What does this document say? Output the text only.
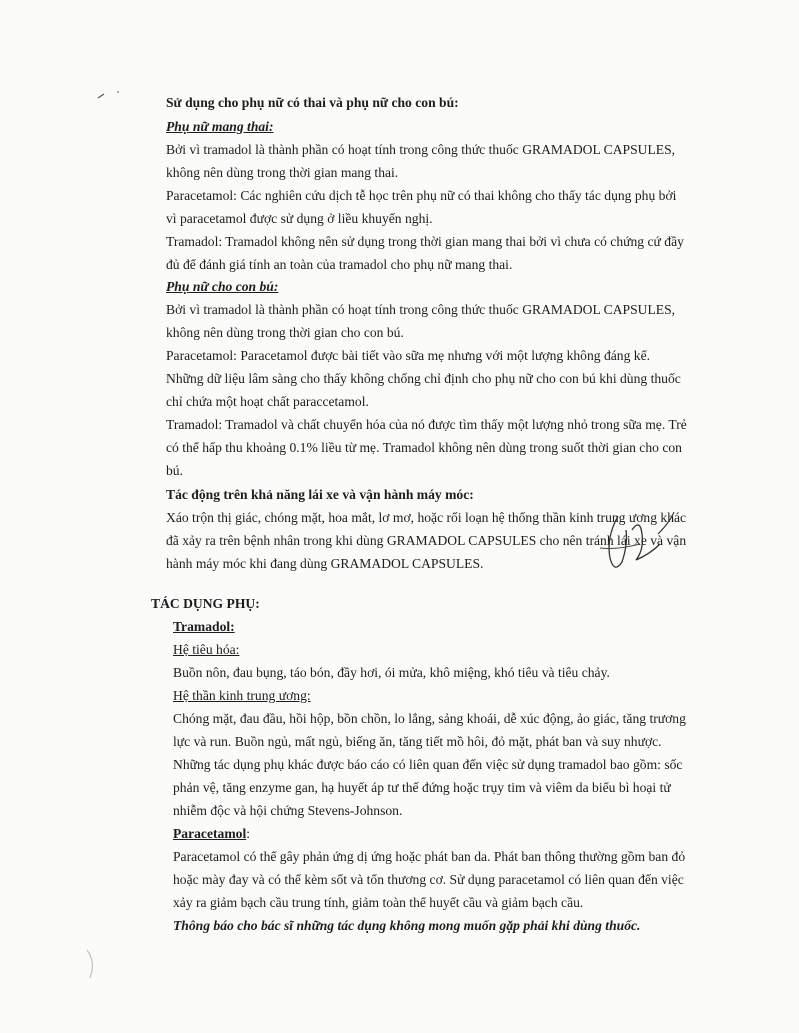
Sử dụng cho phụ nữ có thai và phụ nữ cho con bú:
Phụ nữ mang thai:
Bởi vì tramadol là thành phần có hoạt tính trong công thức thuốc GRAMADOL CAPSULES,
không nên dùng trong thời gian mang thai.
Paracetamol: Các nghiên cứu dịch tễ học trên phụ nữ có thai không cho thấy tác dụng phụ bởi
vì paracetamol được sử dụng ở liều khuyến nghị.
Tramadol: Tramadol không nên sử dụng trong thời gian mang thai bởi vì chưa có chứng cứ đầy
đủ để đánh giá tính an toàn của tramadol cho phụ nữ mang thai.
Phụ nữ cho con bú:
Bởi vì tramadol là thành phần có hoạt tính trong công thức thuốc GRAMADOL CAPSULES,
không nên dùng trong thời gian cho con bú.
Paracetamol: Paracetamol được bài tiết vào sữa mẹ nhưng với một lượng không đáng kể.
Những dữ liệu lâm sàng cho thấy không chống chỉ định cho phụ nữ cho con bú khi dùng thuốc
chỉ chứa một hoạt chất paraccetamol.
Tramadol: Tramadol và chất chuyển hóa của nó được tìm thấy một lượng nhỏ trong sữa mẹ. Trẻ
có thể hấp thu khoảng 0.1% liều từ mẹ. Tramadol không nên dùng trong suốt thời gian cho con
bú.
Tác động trên khả năng lái xe và vận hành máy móc:
Xáo trộn thị giác, chóng mặt, hoa mắt, lơ mơ, hoặc rối loạn hệ thống thần kinh trung ương khác
đã xảy ra trên bệnh nhân trong khi dùng GRAMADOL CAPSULES cho nên tránh lái xe và vận
hành máy móc khi đang dùng GRAMADOL CAPSULES.
TÁC DỤNG PHỤ:
Tramadol:
Hệ tiêu hóa:
Buồn nôn, đau bụng, táo bón, đầy hơi, ói mửa, khô miệng, khó tiêu và tiêu chảy.
Hệ thần kinh trung ương:
Chóng mặt, đau đầu, hồi hộp, bồn chồn, lo lắng, sảng khoái, dễ xúc động, ảo giác, tăng trương
lực và run. Buồn ngủ, mất ngủ, biếng ăn, tăng tiết mồ hôi, đỏ mặt, phát ban và suy nhược.
Những tác dụng phụ khác được báo cáo có liên quan đến việc sử dụng tramadol bao gồm: sốc
phản vệ, tăng enzyme gan, hạ huyết áp tư thế đứng hoặc trụy tim và viêm da biểu bì hoại tử
nhiễm độc và hội chứng Stevens-Johnson.
Paracetamol:
Paracetamol có thể gây phản ứng dị ứng hoặc phát ban da. Phát ban thông thường gồm ban đỏ
hoặc mày đay và có thể kèm sốt và tổn thương cơ. Sử dụng paracetamol có liên quan đến việc
xảy ra giảm bạch cầu trung tính, giảm toàn thể huyết cầu và giảm bạch cầu.
Thông báo cho bác sĩ những tác dụng không mong muốn gặp phải khi dùng thuốc.
